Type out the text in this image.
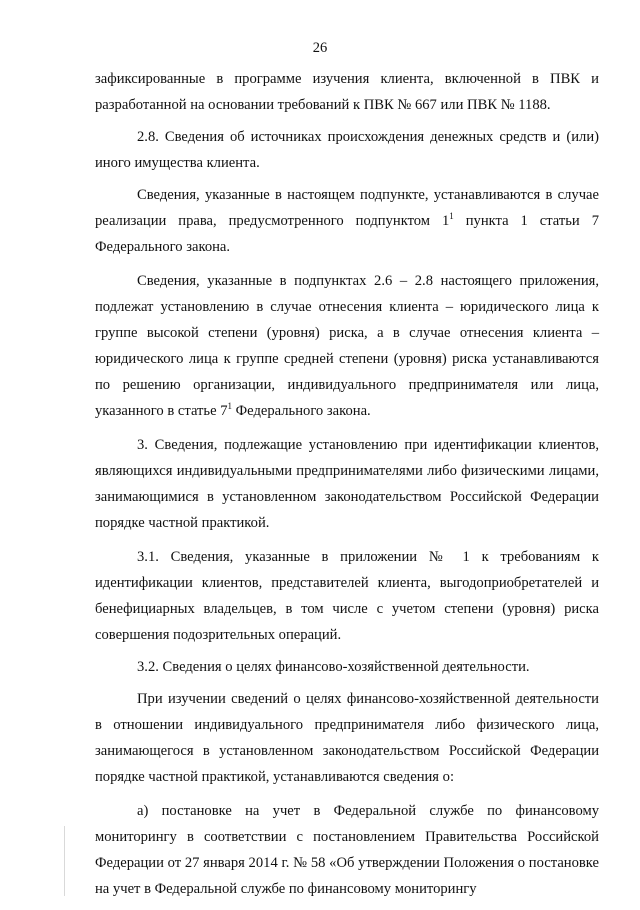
26

зафиксированные в программе изучения клиента, включенной в ПВК и разработанной на основании требований к ПВК № 667 или ПВК № 1188.

2.8. Сведения об источниках происхождения денежных средств и (или) иного имущества клиента.

Сведения, указанные в настоящем подпункте, устанавливаются в случае реализации права, предусмотренного подпунктом $1^1$ пункта 1 статьи 7 Федерального закона.

Сведения, указанные в подпунктах 2.6 – 2.8 настоящего приложения, подлежат установлению в случае отнесения клиента – юридического лица к группе высокой степени (уровня) риска, а в случае отнесения клиента – юридического лица к группе средней степени (уровня) риска устанавливаются по решению организации, индивидуального предпринимателя или лица, указанного в статье $7^1$ Федерального закона.

3. Сведения, подлежащие установлению при идентификации клиентов, являющихся индивидуальными предпринимателями либо физическими лицами, занимающимися в установленном законодательством Российской Федерации порядке частной практикой.

3.1. Сведения, указанные в приложении № 1 к требованиям к идентификации клиентов, представителей клиента, выгодоприобретателей и бенефициарных владельцев, в том числе с учетом степени (уровня) риска совершения подозрительных операций.

3.2. Сведения о целях финансово-хозяйственной деятельности.

При изучении сведений о целях финансово-хозяйственной деятельности в отношении индивидуального предпринимателя либо физического лица, занимающегося в установленном законодательством Российской Федерации порядке частной практикой, устанавливаются сведения о:

а) постановке на учет в Федеральной службе по финансовому мониторингу в соответствии с постановлением Правительства Российской Федерации от 27 января 2014 г. № 58 «Об утверждении Положения о постановке на учет в Федеральной службе по финансовому мониторингу
